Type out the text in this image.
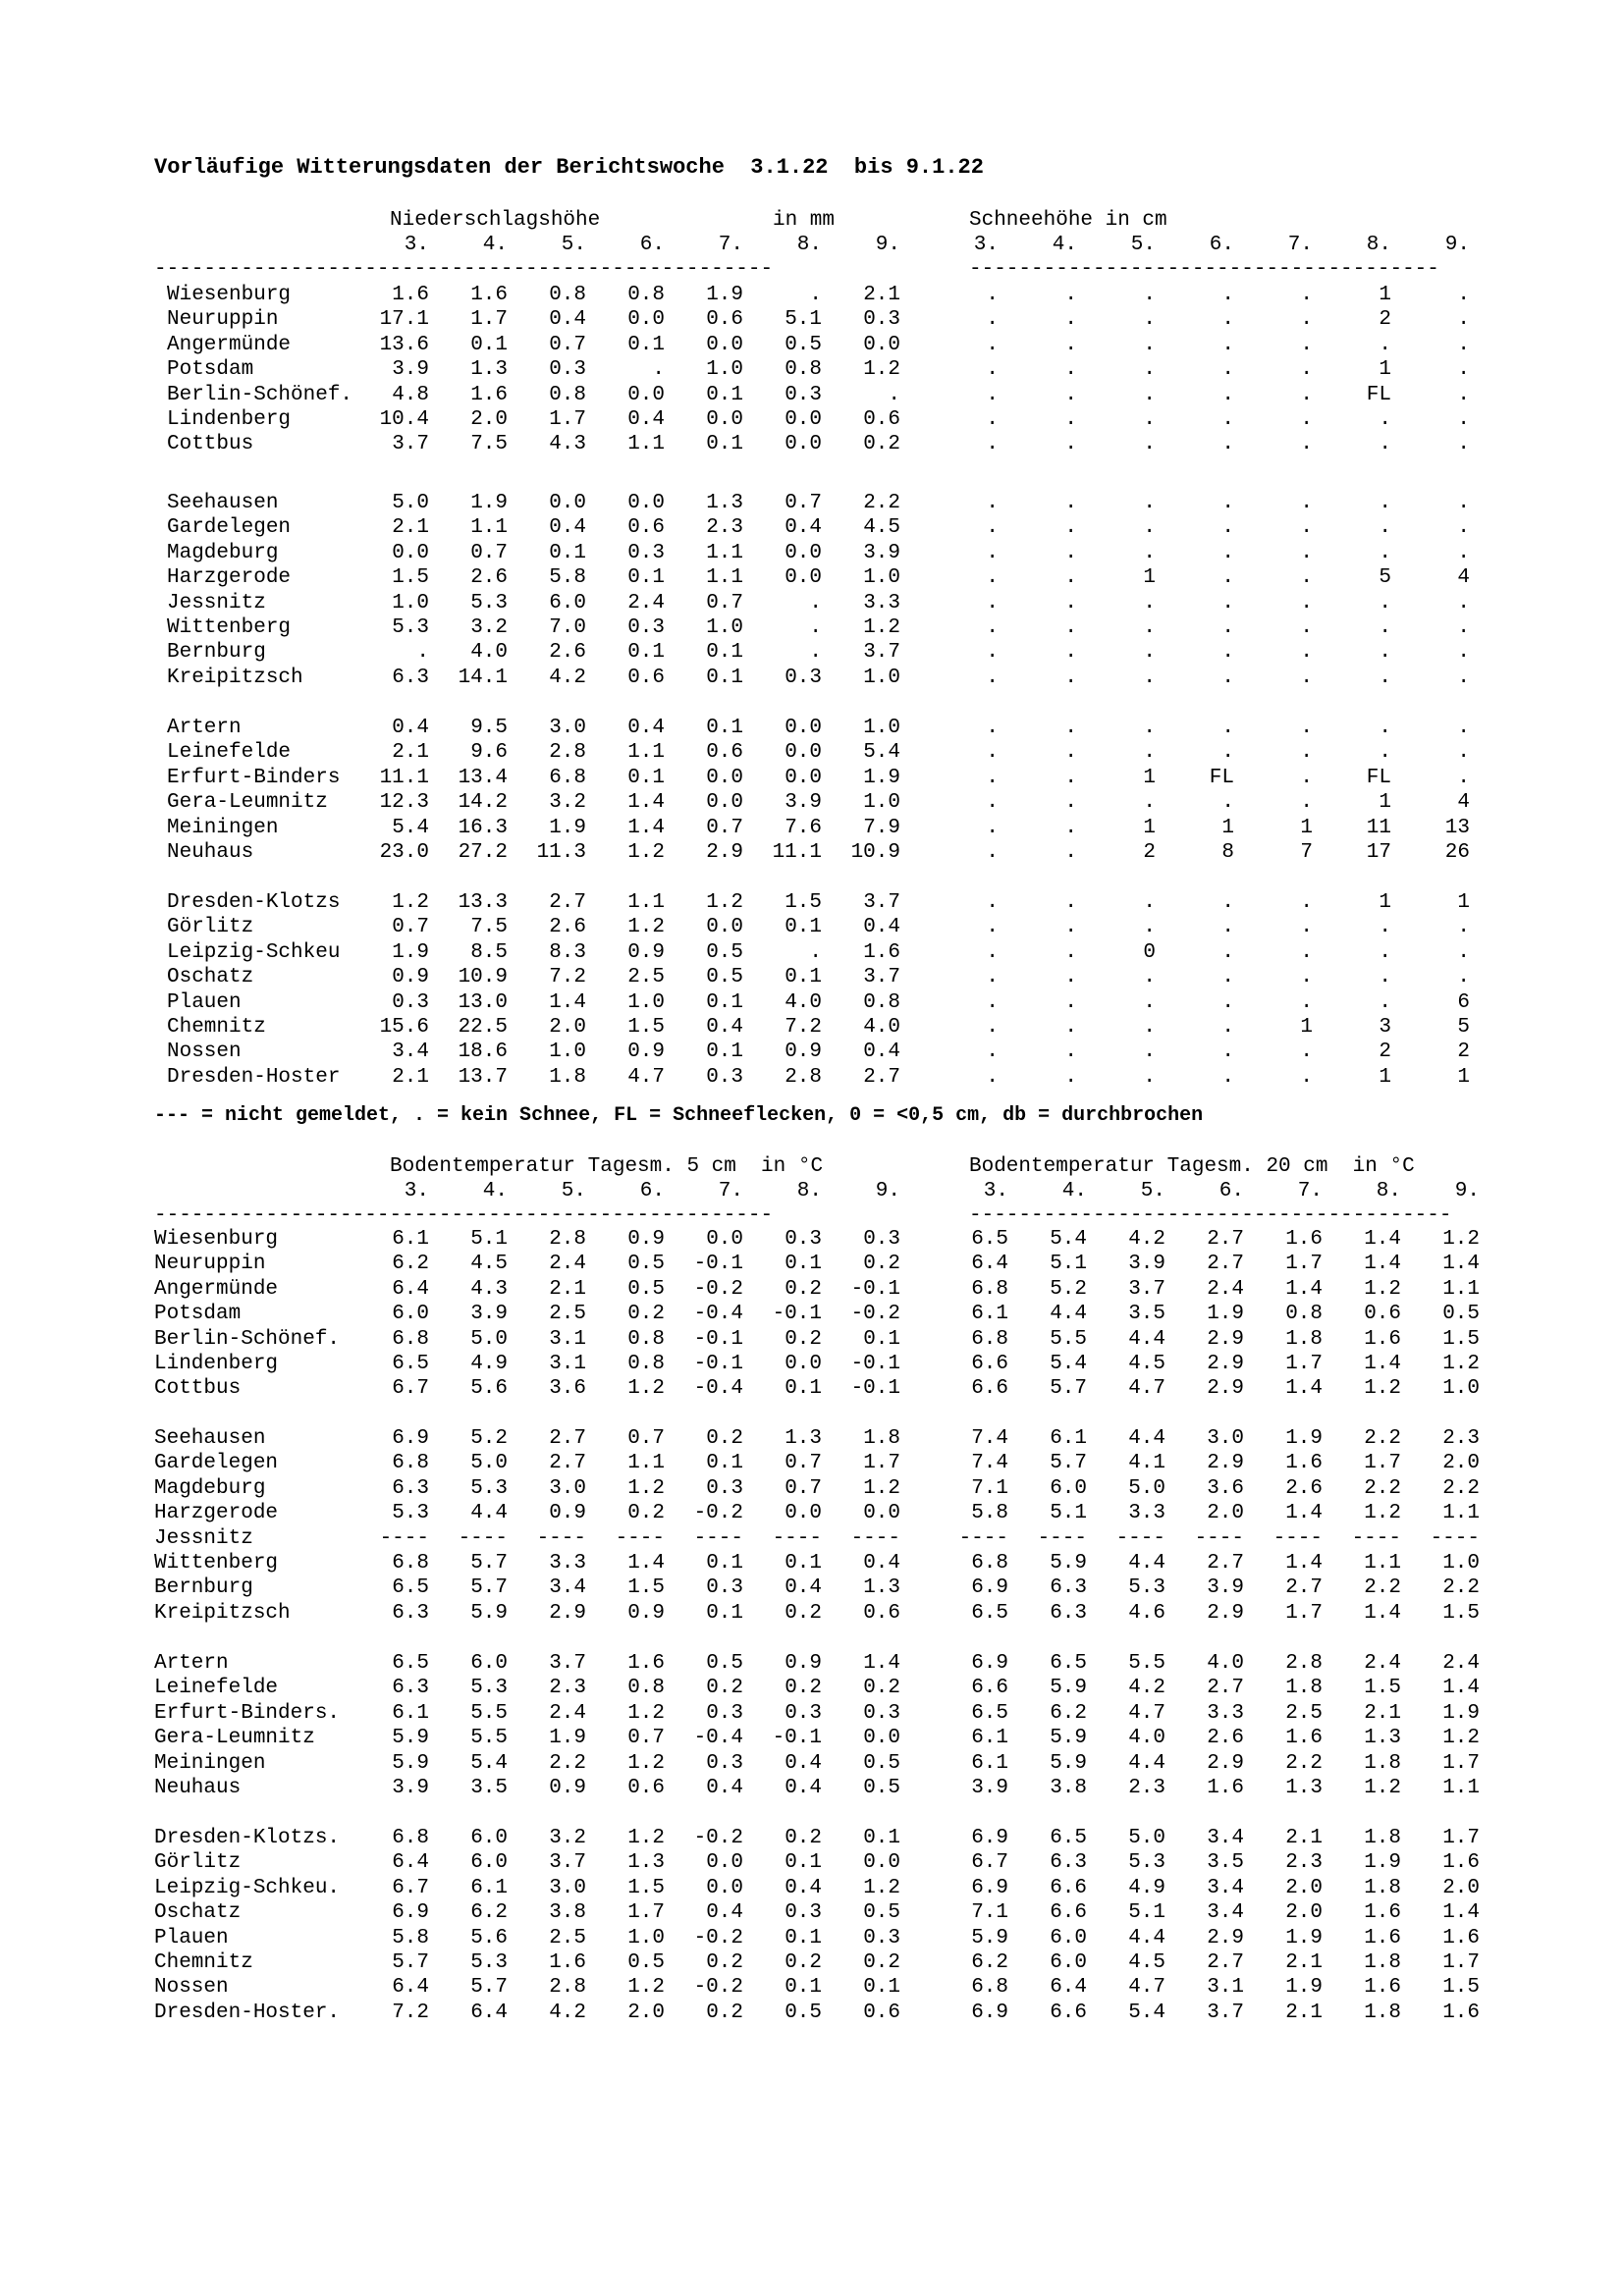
Vorläufige Witterungsdaten der Berichtswoche  3.1.22  bis 9.1.22
Niederschlagshöhe	in mm	Schneehöhe in cm
3.	3.
4.	4.
5.	5.
6.	6.
7.	7.
8.	8.
9.	9.
--------------------------------------------------	--------------------------------------
Wiesenburg	1.6	1.6	0.8	0.8	1.9	.	2.1	.	.	.	.	.	1	.
Neuruppin	17.1	1.7	0.4	0.0	0.6	5.1	0.3	.	.	.	.	.	2	.
Angermünde	13.6	0.1	0.7	0.1	0.0	0.5	0.0	.	.	.	.	.	.	.
Potsdam	3.9	1.3	0.3	.	1.0	0.8	1.2	.	.	.	.	.	1	.
Berlin-Schönef.	4.8	1.6	0.8	0.0	0.1	0.3	.	.	.	.	.	.	FL	.
Lindenberg	10.4	2.0	1.7	0.4	0.0	0.0	0.6	.	.	.	.	.	.	.
Cottbus	3.7	7.5	4.3	1.1	0.1	0.0	0.2	.	.	.	.	.	.	.
Seehausen	5.0	1.9	0.0	0.0	1.3	0.7	2.2	.	.	.	.	.	.	.
Gardelegen	2.1	1.1	0.4	0.6	2.3	0.4	4.5	.	.	.	.	.	.	.
Magdeburg	0.0	0.7	0.1	0.3	1.1	0.0	3.9	.	.	.	.	.	.	.
Harzgerode	1.5	2.6	5.8	0.1	1.1	0.0	1.0	.	.	1	.	.	5	4
Jessnitz	1.0	5.3	6.0	2.4	0.7	.	3.3	.	.	.	.	.	.	.
Wittenberg	5.3	3.2	7.0	0.3	1.0	.	1.2	.	.	.	.	.	.	.
Bernburg	.	4.0	2.6	0.1	0.1	.	3.7	.	.	.	.	.	.	.
Kreipitzsch	6.3	14.1	4.2	0.6	0.1	0.3	1.0	.	.	.	.	.	.	.
Artern	0.4	9.5	3.0	0.4	0.1	0.0	1.0	.	.	.	.	.	.	.
Leinefelde	2.1	9.6	2.8	1.1	0.6	0.0	5.4	.	.	.	.	.	.	.
Erfurt-Binders	11.1	13.4	6.8	0.1	0.0	0.0	1.9	.	.	1	FL	.	FL	.
Gera-Leumnitz	12.3	14.2	3.2	1.4	0.0	3.9	1.0	.	.	.	.	.	1	4
Meiningen	5.4	16.3	1.9	1.4	0.7	7.6	7.9	.	.	1	1	1	11	13
Neuhaus	23.0	27.2	11.3	1.2	2.9	11.1	10.9	.	.	2	8	7	17	26
Dresden-Klotzs	1.2	13.3	2.7	1.1	1.2	1.5	3.7	.	.	.	.	.	1	1
Görlitz	0.7	7.5	2.6	1.2	0.0	0.1	0.4	.	.	.	.	.	.	.
Leipzig-Schkeu	1.9	8.5	8.3	0.9	0.5	.	1.6	.	.	0	.	.	.	.
Oschatz	0.9	10.9	7.2	2.5	0.5	0.1	3.7	.	.	.	.	.	.	.
Plauen	0.3	13.0	1.4	1.0	0.1	4.0	0.8	.	.	.	.	.	.	6
Chemnitz	15.6	22.5	2.0	1.5	0.4	7.2	4.0	.	.	.	.	1	3	5
Nossen	3.4	18.6	1.0	0.9	0.1	0.9	0.4	.	.	.	.	.	2	2
Dresden-Hoster	2.1	13.7	1.8	4.7	0.3	2.8	2.7	.	.	.	.	.	1	1
--- = nicht gemeldet, . = kein Schnee, FL = Schneeflecken, 0 = <0,5 cm, db = durchbrochen
Bodentemperatur Tagesm. 5 cm  in °C	Bodentemperatur Tagesm. 20 cm  in °C
3.	3.
4.	4.
5.	5.
6.	6.
7.	7.
8.	8.
9.	9.
--------------------------------------------------	---------------------------------------
Wiesenburg	6.1	5.1	2.8	0.9	0.0	0.3	0.3	6.5	5.4	4.2	2.7	1.6	1.4	1.2
Neuruppin	6.2	4.5	2.4	0.5	-0.1	0.1	0.2	6.4	5.1	3.9	2.7	1.7	1.4	1.4
Angermünde	6.4	4.3	2.1	0.5	-0.2	0.2	-0.1	6.8	5.2	3.7	2.4	1.4	1.2	1.1
Potsdam	6.0	3.9	2.5	0.2	-0.4	-0.1	-0.2	6.1	4.4	3.5	1.9	0.8	0.6	0.5
Berlin-Schönef.	6.8	5.0	3.1	0.8	-0.1	0.2	0.1	6.8	5.5	4.4	2.9	1.8	1.6	1.5
Lindenberg	6.5	4.9	3.1	0.8	-0.1	0.0	-0.1	6.6	5.4	4.5	2.9	1.7	1.4	1.2
Cottbus	6.7	5.6	3.6	1.2	-0.4	0.1	-0.1	6.6	5.7	4.7	2.9	1.4	1.2	1.0
Seehausen	6.9	5.2	2.7	0.7	0.2	1.3	1.8	7.4	6.1	4.4	3.0	1.9	2.2	2.3
Gardelegen	6.8	5.0	2.7	1.1	0.1	0.7	1.7	7.4	5.7	4.1	2.9	1.6	1.7	2.0
Magdeburg	6.3	5.3	3.0	1.2	0.3	0.7	1.2	7.1	6.0	5.0	3.6	2.6	2.2	2.2
Harzgerode	5.3	4.4	0.9	0.2	-0.2	0.0	0.0	5.8	5.1	3.3	2.0	1.4	1.2	1.1
Jessnitz	----	----	----	----	----	----	----	----	----	----	----	----	----	----
Wittenberg	6.8	5.7	3.3	1.4	0.1	0.1	0.4	6.8	5.9	4.4	2.7	1.4	1.1	1.0
Bernburg	6.5	5.7	3.4	1.5	0.3	0.4	1.3	6.9	6.3	5.3	3.9	2.7	2.2	2.2
Kreipitzsch	6.3	5.9	2.9	0.9	0.1	0.2	0.6	6.5	6.3	4.6	2.9	1.7	1.4	1.5
Artern	6.5	6.0	3.7	1.6	0.5	0.9	1.4	6.9	6.5	5.5	4.0	2.8	2.4	2.4
Leinefelde	6.3	5.3	2.3	0.8	0.2	0.2	0.2	6.6	5.9	4.2	2.7	1.8	1.5	1.4
Erfurt-Binders.	6.1	5.5	2.4	1.2	0.3	0.3	0.3	6.5	6.2	4.7	3.3	2.5	2.1	1.9
Gera-Leumnitz	5.9	5.5	1.9	0.7	-0.4	-0.1	0.0	6.1	5.9	4.0	2.6	1.6	1.3	1.2
Meiningen	5.9	5.4	2.2	1.2	0.3	0.4	0.5	6.1	5.9	4.4	2.9	2.2	1.8	1.7
Neuhaus	3.9	3.5	0.9	0.6	0.4	0.4	0.5	3.9	3.8	2.3	1.6	1.3	1.2	1.1
Dresden-Klotzs.	6.8	6.0	3.2	1.2	-0.2	0.2	0.1	6.9	6.5	5.0	3.4	2.1	1.8	1.7
Görlitz	6.4	6.0	3.7	1.3	0.0	0.1	0.0	6.7	6.3	5.3	3.5	2.3	1.9	1.6
Leipzig-Schkeu.	6.7	6.1	3.0	1.5	0.0	0.4	1.2	6.9	6.6	4.9	3.4	2.0	1.8	2.0
Oschatz	6.9	6.2	3.8	1.7	0.4	0.3	0.5	7.1	6.6	5.1	3.4	2.0	1.6	1.4
Plauen	5.8	5.6	2.5	1.0	-0.2	0.1	0.3	5.9	6.0	4.4	2.9	1.9	1.6	1.6
Chemnitz	5.7	5.3	1.6	0.5	0.2	0.2	0.2	6.2	6.0	4.5	2.7	2.1	1.8	1.7
Nossen	6.4	5.7	2.8	1.2	-0.2	0.1	0.1	6.8	6.4	4.7	3.1	1.9	1.6	1.5
Dresden-Hoster.	7.2	6.4	4.2	2.0	0.2	0.5	0.6	6.9	6.6	5.4	3.7	2.1	1.8	1.6
